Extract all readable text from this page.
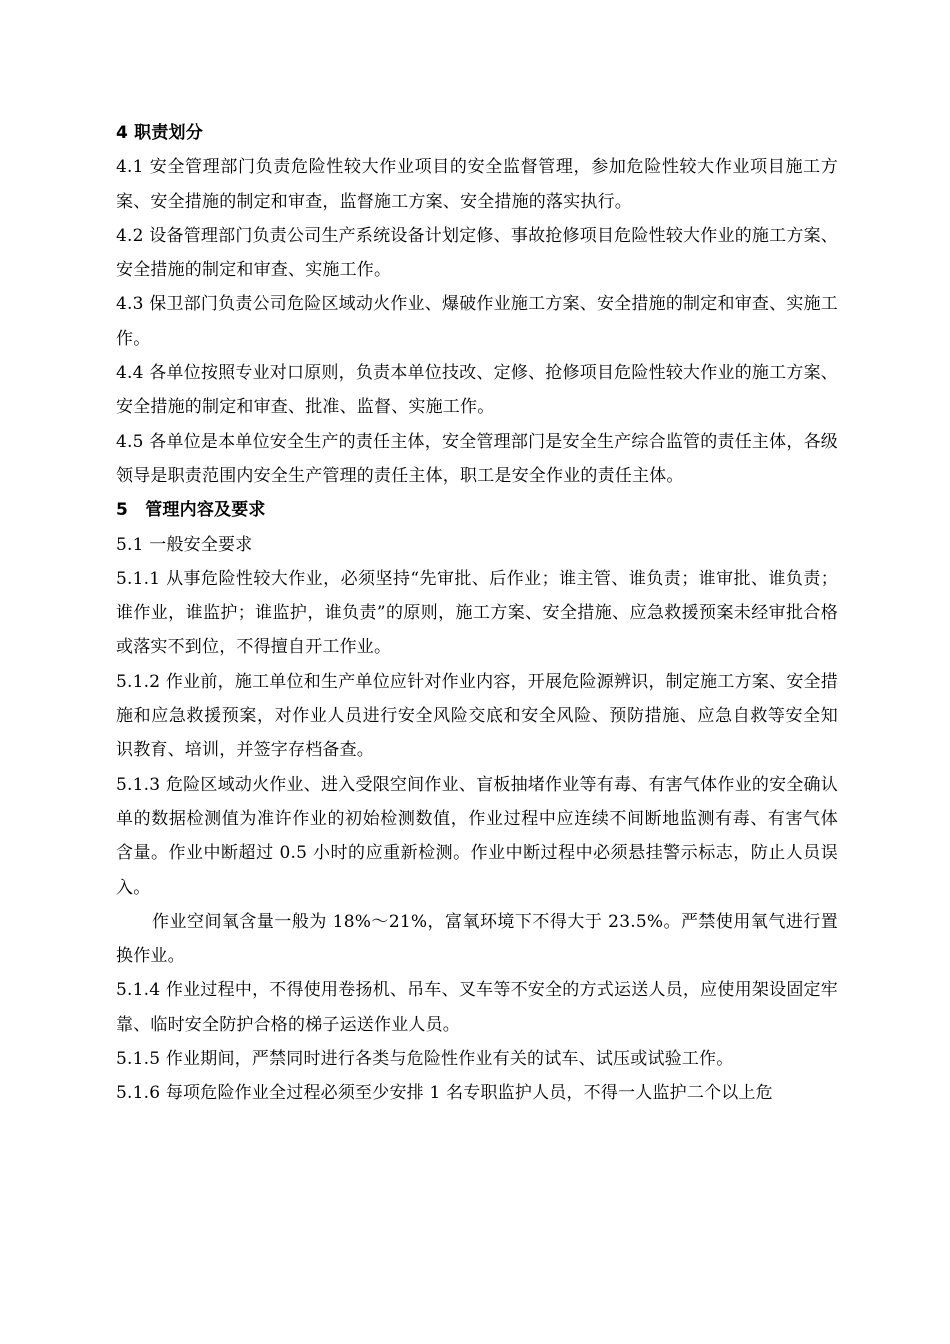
4 职责划分

4.1 安全管理部门负责危险性较大作业项目的安全监督管理，参加危险性较大作业项目施工方案、安全措施的制定和审查，监督施工方案、安全措施的落实执行。

4.2 设备管理部门负责公司生产系统设备计划定修、事故抢修项目危险性较大作业的施工方案、安全措施的制定和审查、实施工作。

4.3 保卫部门负责公司危险区域动火作业、爆破作业施工方案、安全措施的制定和审查、实施工作。

4.4 各单位按照专业对口原则，负责本单位技改、定修、抢修项目危险性较大作业的施工方案、安全措施的制定和审查、批准、监督、实施工作。

4.5 各单位是本单位安全生产的责任主体，安全管理部门是安全生产综合监管的责任主体，各级领导是职责范围内安全生产管理的责任主体，职工是安全作业的责任主体。

5　管理内容及要求

5.1 一般安全要求

5.1.1 从事危险性较大作业，必须坚持“先审批、后作业；谁主管、谁负责；谁审批、谁负责；谁作业，谁监护；谁监护，谁负责”的原则，施工方案、安全措施、应急救援预案未经审批合格或落实不到位，不得擅自开工作业。

5.1.2 作业前，施工单位和生产单位应针对作业内容，开展危险源辨识，制定施工方案、安全措施和应急救援预案，对作业人员进行安全风险交底和安全风险、预防措施、应急自救等安全知识教育、培训，并签字存档备查。

5.1.3 危险区域动火作业、进入受限空间作业、盲板抽堵作业等有毒、有害气体作业的安全确认单的数据检测值为准许作业的初始检测数值，作业过程中应连续不间断地监测有毒、有害气体含量。作业中断超过 0.5 小时的应重新检测。作业中断过程中必须悬挂警示标志，防止人员误入。

作业空间氧含量一般为 18%～21%，富氧环境下不得大于 23.5%。严禁使用氧气进行置换作业。

5.1.4 作业过程中，不得使用卷扬机、吊车、叉车等不安全的方式运送人员，应使用架设固定牢靠、临时安全防护合格的梯子运送作业人员。

5.1.5 作业期间，严禁同时进行各类与危险性作业有关的试车、试压或试验工作。

5.1.6 每项危险作业全过程必须至少安排 1 名专职监护人员，不得一人监护二个以上危
